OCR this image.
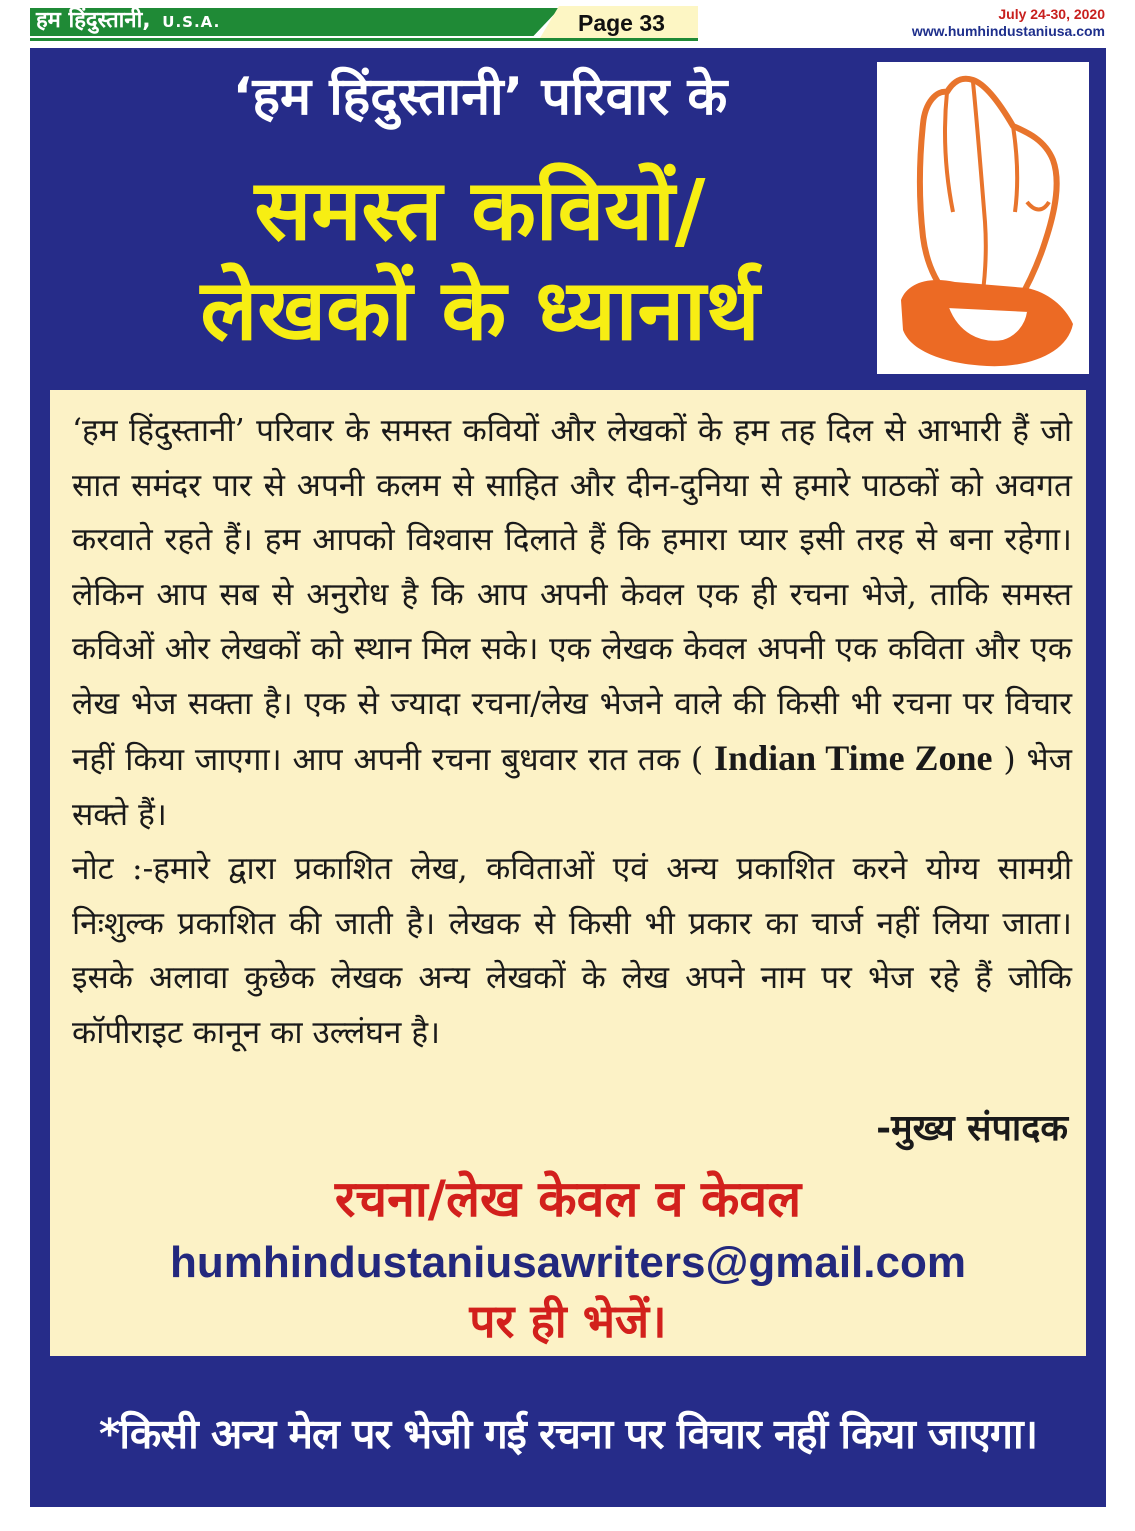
हम हिंदुस्तानी, U.S.A.	Page 33	July 24-30, 2020
www.humhindustaniusa.com
‘हम हिंदुस्तानी’ परिवार के
समस्त कवियों/
लेखकों के ध्यानार्थ
‘हम हिंदुस्तानी’ परिवार के समस्त कवियों और लेखकों के हम तह दिल से आभारी हैं जो सात समंदर पार से अपनी कलम से साहित और दीन-दुनिया से हमारे पाठकों को अवगत करवाते रहते हैं। हम आपको विश्वास दिलाते हैं कि हमारा प्यार इसी तरह से बना रहेगा। लेकिन आप सब से अनुरोध है कि आप अपनी केवल एक ही रचना भेजे, ताकि समस्त कविओं ओर लेखकों को स्थान मिल सके। एक लेखक केवल अपनी एक कविता और एक लेख भेज सक्ता है। एक से ज्यादा रचना/लेख भेजने वाले की किसी भी रचना पर विचार नहीं किया जाएगा। आप अपनी रचना बुधवार रात तक ( Indian Time Zone ) भेज सक्ते हैं।
नोट :-हमारे द्वारा प्रकाशित लेख, कविताओं एवं अन्य प्रकाशित करने योग्य सामग्री निःशुल्क प्रकाशित की जाती है। लेखक से किसी भी प्रकार का चार्ज नहीं लिया जाता। इसके अलावा कुछेक लेखक अन्य लेखकों के लेख अपने नाम पर भेज रहे हैं जोकि कॉपीराइट कानून का उल्लंघन है।
-मुख्य संपादक
रचना/लेख केवल व केवल
humhindustaniusawriters@gmail.com
पर ही भेजें।
*किसी अन्य मेल पर भेजी गई रचना पर विचार नहीं किया जाएगा।
